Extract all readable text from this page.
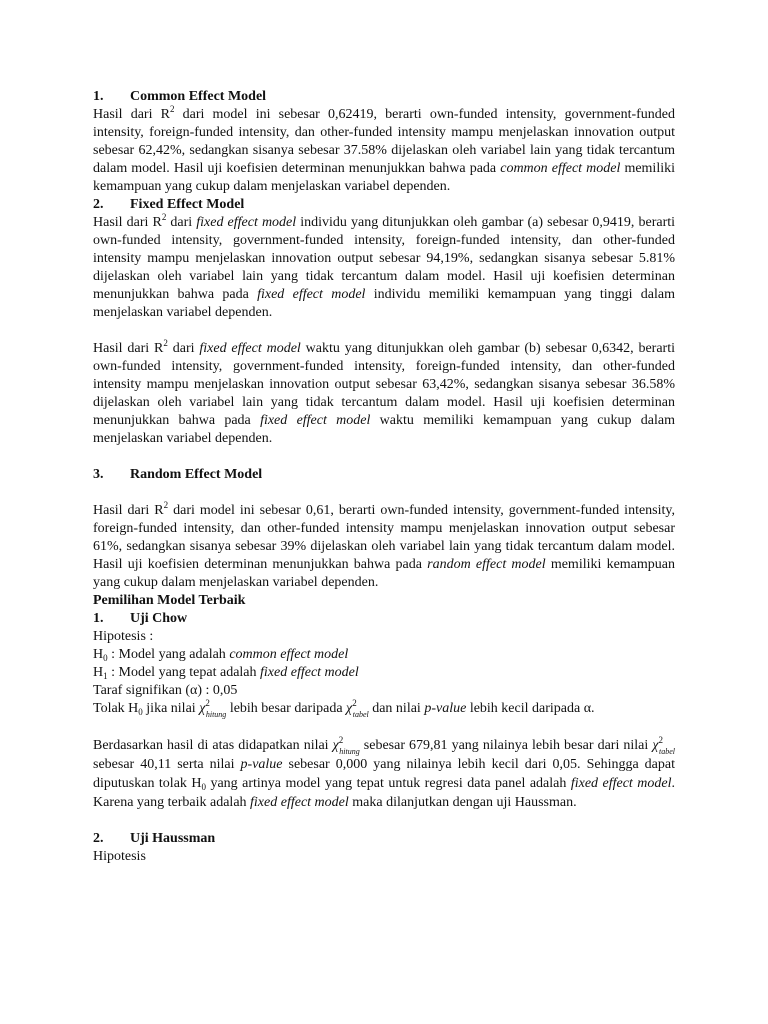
1.	Common Effect Model

Hasil dari $R^2$ dari model ini sebesar 0,62419, berarti own-funded intensity, government-funded intensity, foreign-funded intensity, dan other-funded intensity mampu menjelaskan innovation output sebesar 62,42%, sedangkan sisanya sebesar 37.58% dijelaskan oleh variabel lain yang tidak tercantum dalam model. Hasil uji koefisien determinan menunjukkan bahwa pada common effect model memiliki kemampuan yang cukup dalam menjelaskan variabel dependen.

2.	Fixed Effect Model

Hasil dari $R^2$ dari fixed effect model individu yang ditunjukkan oleh gambar (a) sebesar 0,9419, berarti own-funded intensity, government-funded intensity, foreign-funded intensity, dan other-funded intensity mampu menjelaskan innovation output sebesar 94,19%, sedangkan sisanya sebesar 5.81% dijelaskan oleh variabel lain yang tidak tercantum dalam model. Hasil uji koefisien determinan menunjukkan bahwa pada fixed effect model individu memiliki kemampuan yang tinggi dalam menjelaskan variabel dependen.

Hasil dari $R^2$ dari fixed effect model waktu yang ditunjukkan oleh gambar (b) sebesar 0,6342, berarti own-funded intensity, government-funded intensity, foreign-funded intensity, dan other-funded intensity mampu menjelaskan innovation output sebesar 63,42%, sedangkan sisanya sebesar 36.58% dijelaskan oleh variabel lain yang tidak tercantum dalam model. Hasil uji koefisien determinan menunjukkan bahwa pada fixed effect model waktu memiliki kemampuan yang cukup dalam menjelaskan variabel dependen.

3.	Random Effect Model

Hasil dari $R^2$ dari model ini sebesar 0,61, berarti own-funded intensity, government-funded intensity, foreign-funded intensity, dan other-funded intensity mampu menjelaskan innovation output sebesar 61%, sedangkan sisanya sebesar 39% dijelaskan oleh variabel lain yang tidak tercantum dalam model. Hasil uji koefisien determinan menunjukkan bahwa pada random effect model memiliki kemampuan yang cukup dalam menjelaskan variabel dependen.

Pemilihan Model Terbaik

1.	Uji Chow

Hipotesis :

$H_0$ : Model yang adalah common effect model

$H_1$ : Model yang tepat adalah fixed effect model

Taraf signifikan (α) : 0,05

Tolak $H_0$ jika nilai $\chi^2_{hitung}$ lebih besar daripada $\chi^2_{tabel}$ dan nilai p-value lebih kecil daripada α.

Berdasarkan hasil di atas didapatkan nilai $\chi^2_{hitung}$ sebesar 679,81 yang nilainya lebih besar dari nilai $\chi^2_{tabel}$ sebesar 40,11 serta nilai p-value sebesar 0,000 yang nilainya lebih kecil dari 0,05. Sehingga dapat diputuskan tolak $H_0$ yang artinya model yang tepat untuk regresi data panel adalah fixed effect model. Karena yang terbaik adalah fixed effect model maka dilanjutkan dengan uji Haussman.

2.	Uji Haussman

Hipotesis
